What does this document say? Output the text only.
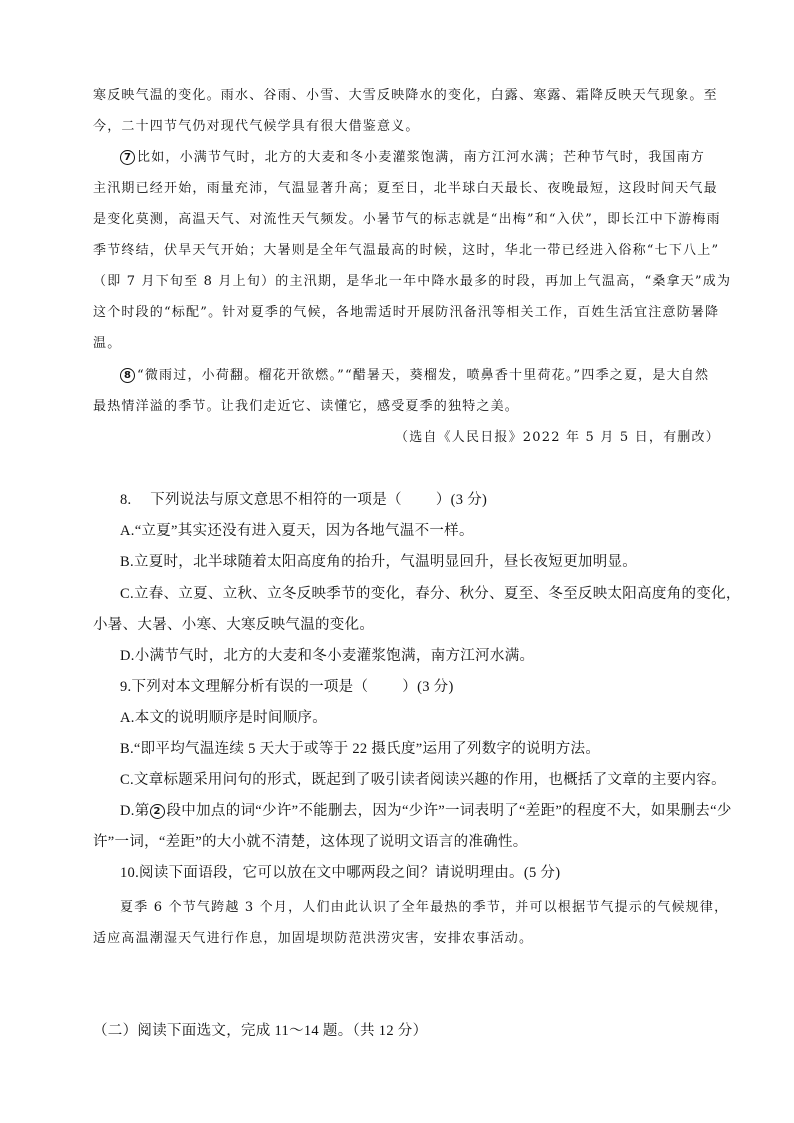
寒反映气温的变化。雨水、谷雨、小雪、大雪反映降水的变化，白露、寒露、霜降反映天气现象。至
今，二十四节气仍对现代气候学具有很大借鉴意义。
7 比如，小满节气时，北方的大麦和冬小麦灌浆饱满，南方江河水满；芒种节气时，我国南方
主汛期已经开始，雨量充沛，气温显著升高；夏至日，北半球白天最长、夜晚最短，这段时间天气最
是变化莫测，高温天气、对流性天气频发。小暑节气的标志就是“出梅”和“入伏”，即长江中下游梅雨
季节终结，伏旱天气开始；大暑则是全年气温最高的时候，这时，华北一带已经进入俗称“七下八上”
（即 7 月下旬至 8 月上旬）的主汛期，是华北一年中降水最多的时段，再加上气温高，“桑拿天”成为
这个时段的“标配”。针对夏季的气候，各地需适时开展防汛备汛等相关工作，百姓生活宜注意防暑降
温。
8 “微雨过，小荷翻。榴花开欲燃。”“醋暑天，葵榴发，喷鼻香十里荷花。”四季之夏，是大自然
最热情洋溢的季节。让我们走近它、读懂它，感受夏季的独特之美。
（选自《人民日报》2022 年 5 月 5 日，有删改）
8.　 下列说法与原文意思不相符的一项是（ ）(3 分)
A.“立夏”其实还没有进入夏天，因为各地气温不一样。
B.立夏时，北半球随着太阳高度角的抬升，气温明显回升，昼长夜短更加明显。
C.立春、立夏、立秋、立冬反映季节的变化，春分、秋分、夏至、冬至反映太阳高度角的变化，
小暑、大暑、小寒、大寒反映气温的变化。
D.小满节气时，北方的大麦和冬小麦灌浆饱满，南方江河水满。
9.下列对本文理解分析有误的一项是（ ）(3 分)
A.本文的说明顺序是时间顺序。
B.“即平均气温连续 5 天大于或等于 22 摄氏度”运用了列数字的说明方法。
C.文章标题采用问句的形式，既起到了吸引读者阅读兴趣的作用，也概括了文章的主要内容。
D.第 2 段中加点的词“少许”不能删去，因为“少许”一词表明了“差距”的程度不大，如果删去“少
许”一词，“差距”的大小就不清楚，这体现了说明文语言的准确性。
10.阅读下面语段，它可以放在文中哪两段之间？请说明理由。(5 分)
夏季 6 个节气跨越 3 个月，人们由此认识了全年最热的季节，并可以根据节气提示的气候规律，
适应高温潮湿天气进行作息，加固堤坝防范洪涝灾害，安排农事活动。
（二）阅读下面选文，完成 11～14 题。（共 12 分）
